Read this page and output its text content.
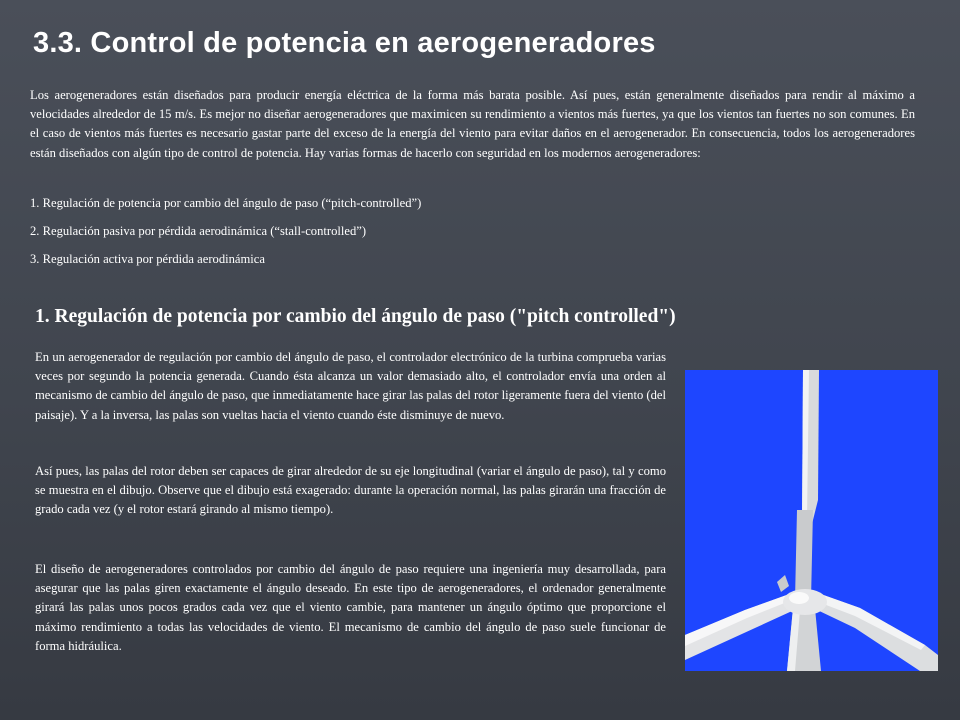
3.3. Control de potencia en aerogeneradores

Los aerogeneradores están diseñados para producir energía eléctrica de la forma más barata posible. Así pues, están generalmente diseñados para rendir al máximo a velocidades alrededor de 15 m/s. Es mejor no diseñar aerogeneradores que maximicen su rendimiento a vientos más fuertes, ya que los vientos tan fuertes no son comunes. En el caso de vientos más fuertes es necesario gastar parte del exceso de la energía del viento para evitar daños en el aerogenerador. En consecuencia, todos los aerogeneradores están diseñados con algún tipo de control de potencia. Hay varias formas de hacerlo con seguridad en los modernos aerogeneradores:

1. Regulación de potencia por cambio del ángulo de paso (“pitch-controlled”)

2. Regulación pasiva por pérdida aerodinámica (“stall-controlled”)

3. Regulación activa por pérdida aerodinámica

1. Regulación de potencia por cambio del ángulo de paso ("pitch controlled")

En un aerogenerador de regulación por cambio del ángulo de paso, el controlador electrónico de la turbina comprueba varias veces por segundo la potencia generada. Cuando ésta alcanza un valor demasiado alto, el controlador envía una orden al mecanismo de cambio del ángulo de paso, que inmediatamente hace girar las palas del rotor ligeramente fuera del viento (del paisaje). Y a la inversa, las palas son vueltas hacia el viento cuando éste disminuye de nuevo.

Así pues, las palas del rotor deben ser capaces de girar alrededor de su eje longitudinal (variar el ángulo de paso), tal y como se muestra en el dibujo. Observe que el dibujo está exagerado: durante la operación normal, las palas girarán una fracción de grado cada vez (y el rotor estará girando al mismo tiempo).

El diseño de aerogeneradores controlados por cambio del ángulo de paso requiere una ingeniería muy desarrollada, para asegurar que las palas giren exactamente el ángulo deseado. En este tipo de aerogeneradores, el ordenador generalmente girará las palas unos pocos grados cada vez que el viento cambie, para mantener un ángulo óptimo que proporcione el máximo rendimiento a todas las velocidades de viento. El mecanismo de cambio del ángulo de paso suele funcionar de forma hidráulica.
